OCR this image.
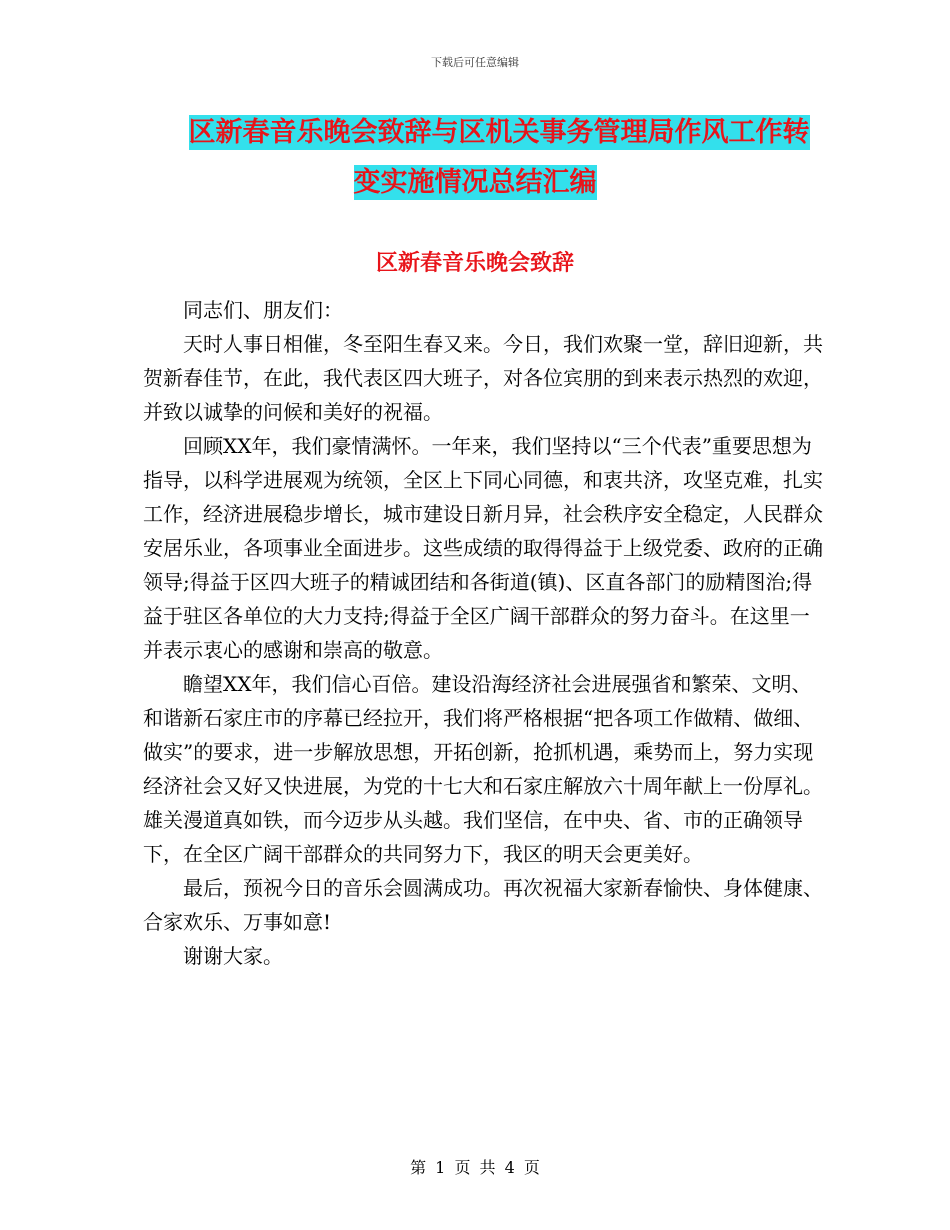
下载后可任意编辑
区新春音乐晚会致辞与区机关事务管理局作风工作转
变实施情况总结汇编
区新春音乐晚会致辞

同志们、朋友们：

天时人事日相催，冬至阳生春又来。今日，我们欢聚一堂，辞旧迎新，共贺新春佳节，在此，我代表区四大班子，对各位宾朋的到来表示热烈的欢迎，并致以诚挚的问候和美好的祝福。

回顾XX年，我们豪情满怀。一年来，我们坚持以“三个代表”重要思想为指导，以科学进展观为统领，全区上下同心同德，和衷共济，攻坚克难，扎实工作，经济进展稳步增长，城市建设日新月异，社会秩序安全稳定，人民群众安居乐业，各项事业全面进步。这些成绩的取得得益于上级党委、政府的正确领导;得益于区四大班子的精诚团结和各街道(镇)、区直各部门的励精图治;得益于驻区各单位的大力支持;得益于全区广阔干部群众的努力奋斗。在这里一并表示衷心的感谢和崇高的敬意。

瞻望XX年，我们信心百倍。建设沿海经济社会进展强省和繁荣、文明、和谐新石家庄市的序幕已经拉开，我们将严格根据“把各项工作做精、做细、做实”的要求，进一步解放思想，开拓创新，抢抓机遇，乘势而上，努力实现经济社会又好又快进展，为党的十七大和石家庄解放六十周年献上一份厚礼。雄关漫道真如铁，而今迈步从头越。我们坚信，在中央、省、市的正确领导下，在全区广阔干部群众的共同努力下，我区的明天会更美好。

最后，预祝今日的音乐会圆满成功。再次祝福大家新春愉快、身体健康、合家欢乐、万事如意!

谢谢大家。

第 1 页 共 4 页
